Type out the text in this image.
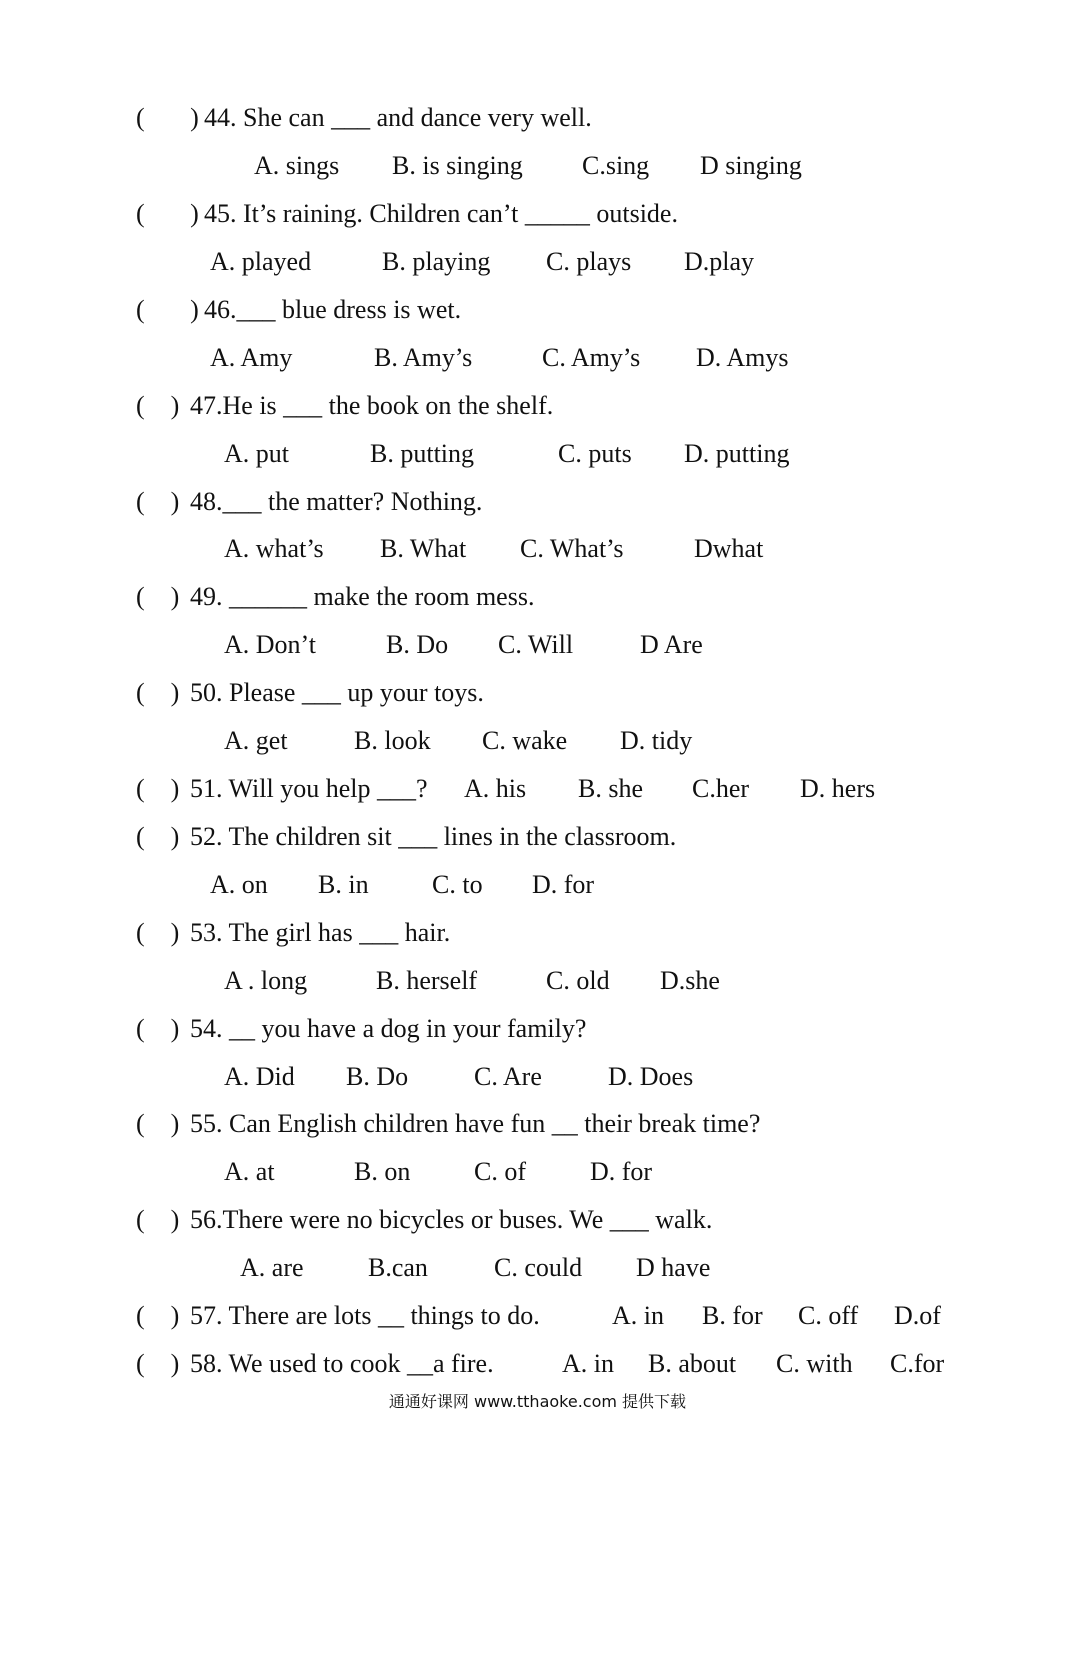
(       )

44. She can ___ and dance very well.

A. sings

B. is singing

C.sing

D singing

(       )

45. It’s raining. Children can’t _____ outside.

A. played

	B. playing

C. plays

D.play

(       )

46.___ blue dress is wet.

A. Amy

	B. Amy’s

	C. Amy’s

D. Amys

(    )

47.He is ___ the book on the shelf.

A. put

	B. putting

	C. puts

D. putting

(    )

48.___ the matter? Nothing.

A. what’s

B. What

C. What’s

	Dwhat

(    )

49. ______ make the room mess.

A. Don’t

	B. Do

C. Will

	D Are

(    )

50. Please ___ up your toys.

A. get

	B. look

C. wake

D. tidy

(    )

51. Will you help ___?

A. his

B. she

C.her

D. hers

(    )

52. The children sit ___ lines in the classroom.

A. on

B. in

C. to

D. for

(    )

53. The girl has ___ hair.

A . long

	B. herself

	C. old

D.she

(    )

54. __ you have a dog in your family?

A. Did

B. Do

	C. Are

	D. Does

(    )

55. Can English children have fun __ their break time?

A. at

	B. on

C. of

D. for

(    )

56.There were no bicycles or buses. We ___ walk.

A. are

B.can

	C. could

D have

(    )

57. There are lots __ things to do.

	A. in

B. for

C. off

D.of

(    )

58. We used to cook __a fire.

	A. in

B. about

C. with

C.for

通通好课网 www.tthaoke.com 提供下载
